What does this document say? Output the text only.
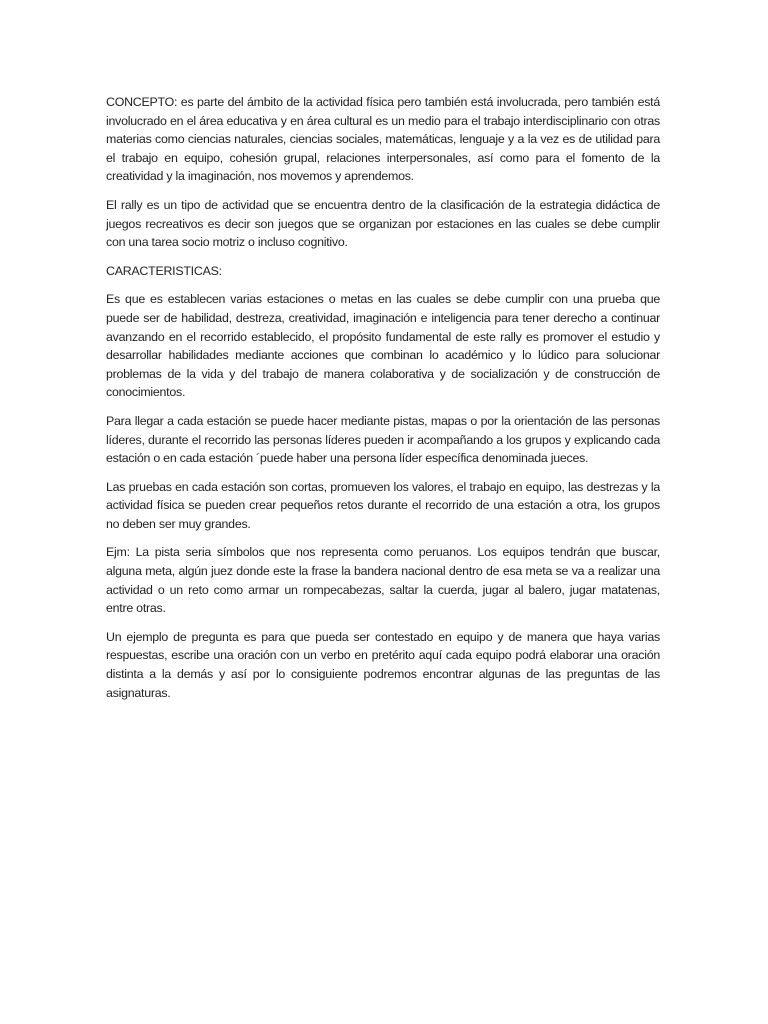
CONCEPTO: es parte del ámbito de la actividad física pero también está involucrada, pero también está involucrado en el área educativa y en área cultural es un medio para el trabajo interdisciplinario con otras materias como ciencias naturales, ciencias sociales, matemáticas, lenguaje y a la vez es de utilidad para el trabajo en equipo, cohesión grupal, relaciones interpersonales, así como para el fomento de la creatividad y la imaginación, nos movemos y aprendemos.

El rally es un tipo de actividad que se encuentra dentro de la clasificación de la estrategia didáctica de juegos recreativos es decir son juegos que se organizan por estaciones en las cuales se debe cumplir con una tarea socio motriz o incluso cognitivo.

CARACTERISTICAS:

Es que es establecen varias estaciones o metas en las cuales se debe cumplir con una prueba que puede ser de habilidad, destreza, creatividad, imaginación e inteligencia para tener derecho a continuar avanzando en el recorrido establecido, el propósito fundamental de este rally es promover el estudio y desarrollar habilidades mediante acciones que combinan lo académico y lo lúdico para solucionar problemas de la vida y del trabajo de manera colaborativa y de socialización y de construcción de conocimientos.

Para llegar a cada estación se puede hacer mediante pistas, mapas o por la orientación de las personas líderes, durante el recorrido las personas líderes pueden ir acompañando a los grupos y explicando cada estación o en cada estación ´puede haber una persona líder específica denominada jueces.

Las pruebas en cada estación son cortas, promueven los valores, el trabajo en equipo, las destrezas y la actividad física se pueden crear pequeños retos durante el recorrido de una estación a otra, los grupos no deben ser muy grandes.

Ejm: La pista seria símbolos que nos representa como peruanos. Los equipos tendrán que buscar, alguna meta, algún juez donde este la frase la bandera nacional dentro de esa meta se va a realizar una actividad o un reto como armar un rompecabezas, saltar la cuerda, jugar al balero, jugar matatenas, entre otras.

Un ejemplo de pregunta es para que pueda ser contestado en equipo y de manera que haya varias respuestas, escribe una oración con un verbo en pretérito aquí cada equipo podrá elaborar una oración distinta a la demás y así por lo consiguiente podremos encontrar algunas de las preguntas de las asignaturas.
